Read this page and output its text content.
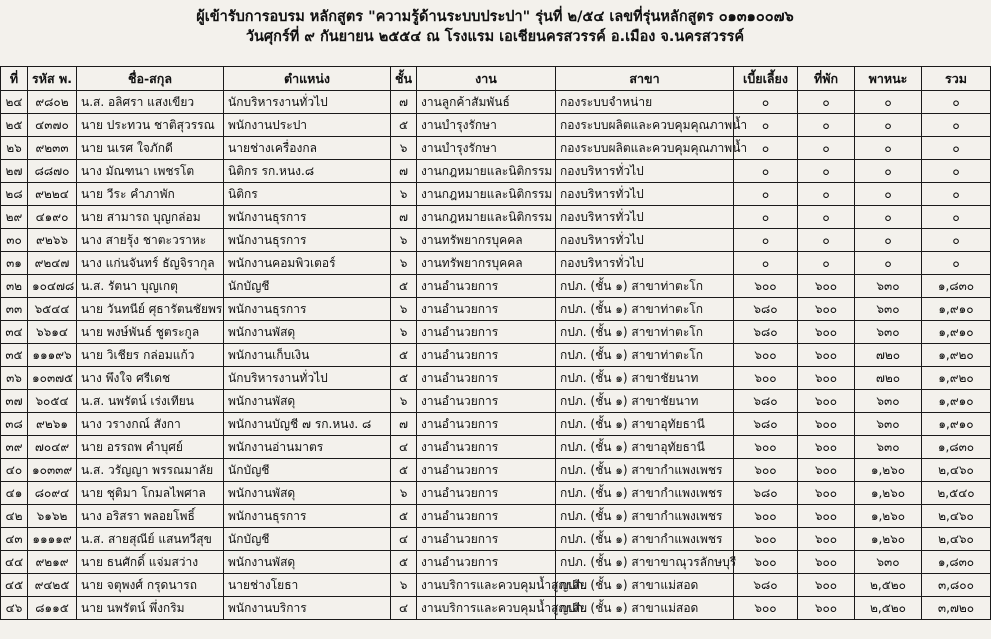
ผู้เข้ารับการอบรม หลักสูตร "ความรู้ด้านระบบประปา" รุ่นที่ ๒/๕๔ เลขที่รุ่นหลักสูตร ๐๑๓๑๐๐๗๖
วันศุกร์ที่ ๙ กันยายน ๒๕๕๔ ณ โรงแรม เอเชียนครสวรรค์ อ.เมือง จ.นครสวรรค์
ที่	รหัส พ.	ชื่อ-สกุล	ตำแหน่ง	ชั้น	งาน	สาขา	เบี้ยเลี้ยง	ที่พัก	พาหนะ	รวม
๒๔	๙๘๐๒	น.ส. อลิศรา แสงเขียว	นักบริหารงานทั่วไป	๗	งานลูกค้าสัมพันธ์	กองระบบจำหน่าย	๐	๐	๐	๐
๒๕	๔๓๗๐	นาย ประทวน ชาติสุวรรณ	พนักงานประปา	๕	งานบำรุงรักษา	กองระบบผลิตและควบคุมคุณภาพน้ำ	๐	๐	๐	๐
๒๖	๙๒๓๓	นาย นเรศ ใจภักดี	นายช่างเครื่องกล	๖	งานบำรุงรักษา	กองระบบผลิตและควบคุมคุณภาพน้ำ	๐	๐	๐	๐
๒๗	๘๘๗๐	นาง มัณฑนา เพชรโต	นิติกร รก.หนง.๘	๗	งานกฎหมายและนิติกรรม	กองบริหารทั่วไป	๐	๐	๐	๐
๒๘	๙๒๒๔	นาย วีระ คำภาพัก	นิติกร	๖	งานกฎหมายและนิติกรรม	กองบริหารทั่วไป	๐	๐	๐	๐
๒๙	๔๑๙๐	นาย สามารถ บุญกล่อม	พนักงานธุรการ	๗	งานกฎหมายและนิติกรรม	กองบริหารทั่วไป	๐	๐	๐	๐
๓๐	๙๒๖๖	นาง สายรุ้ง ชาตะวราหะ	พนักงานธุรการ	๖	งานทรัพยากรบุคคล	กองบริหารทั่วไป	๐	๐	๐	๐
๓๑	๙๒๔๗	นาง แก่นจันทร์ ธัญจิรากุล	พนักงานคอมพิวเตอร์	๖	งานทรัพยากรบุคคล	กองบริหารทั่วไป	๐	๐	๐	๐
๓๒	๑๐๔๗๘	น.ส. รัตนา บุญเกตุ	นักบัญชี	๕	งานอำนวยการ	กปภ. (ชั้น ๑) สาขาท่าตะโก	๖๐๐	๖๐๐	๖๓๐	๑,๘๓๐
๓๓	๖๕๔๔	นาย วันทนีย์ ศุธารัตนชัยพร	พนักงานธุรการ	๖	งานอำนวยการ	กปภ. (ชั้น ๑) สาขาท่าตะโก	๖๘๐	๖๐๐	๖๓๐	๑,๙๑๐
๓๔	๖๖๑๔	นาย พงษ์พันธ์ ชูตระกูล	พนักงานพัสดุ	๖	งานอำนวยการ	กปภ. (ชั้น ๑) สาขาท่าตะโก	๖๘๐	๖๐๐	๖๓๐	๑,๙๑๐
๓๕	๑๑๑๙๖	นาย วิเชียร กล่อมแก้ว	พนักงานเก็บเงิน	๕	งานอำนวยการ	กปภ. (ชั้น ๑) สาขาท่าตะโก	๖๐๐	๖๐๐	๗๒๐	๑,๙๒๐
๓๖	๑๐๓๗๕	นาง พึงใจ ศรีเดช	นักบริหารงานทั่วไป	๕	งานอำนวยการ	กปภ. (ชั้น ๑) สาขาชัยนาท	๖๐๐	๖๐๐	๗๒๐	๑,๙๒๐
๓๗	๖๐๕๔	น.ส. นพรัตน์ เร่งเทียน	พนักงานพัสดุ	๖	งานอำนวยการ	กปภ. (ชั้น ๑) สาขาชัยนาท	๖๘๐	๖๐๐	๖๓๐	๑,๙๑๐
๓๘	๙๒๖๑	นาง วรางกณ์ สังกา	พนักงานบัญชี ๗ รก.หนง. ๘	๗	งานอำนวยการ	กปภ. (ชั้น ๑) สาขาอุทัยธานี	๖๘๐	๖๐๐	๖๓๐	๑,๙๑๐
๓๙	๗๐๔๙	นาย อรรถพ คำบุศย์	พนักงานอ่านมาตร	๔	งานอำนวยการ	กปภ. (ชั้น ๑) สาขาอุทัยธานี	๖๐๐	๖๐๐	๖๓๐	๑,๘๓๐
๔๐	๑๐๓๓๙	น.ส. วรัญญา พรรณมาลัย	นักบัญชี	๕	งานอำนวยการ	กปภ. (ชั้น ๑) สาขากำแพงเพชร	๖๐๐	๖๐๐	๑,๒๖๐	๒,๔๖๐
๔๑	๘๐๙๔	นาย ชุติมา โกมลไพศาล	พนักงานพัสดุ	๖	งานอำนวยการ	กปภ. (ชั้น ๑) สาขากำแพงเพชร	๖๘๐	๖๐๐	๑,๒๖๐	๒,๕๔๐
๔๒	๖๑๖๒	นาง อริสรา พลอยโพธิ์	พนักงานธุรการ	๕	งานอำนวยการ	กปภ. (ชั้น ๑) สาขากำแพงเพชร	๖๐๐	๖๐๐	๑,๒๖๐	๒,๔๖๐
๔๓	๑๑๑๑๙	น.ส. สายสุณีย์ แสนทวีสุข	นักบัญชี	๔	งานอำนวยการ	กปภ. (ชั้น ๑) สาขากำแพงเพชร	๖๐๐	๖๐๐	๑,๒๖๐	๒,๔๖๐
๔๔	๙๒๑๙	นาย ธนศักดิ์ แจ่มสว่าง	พนักงานพัสดุ	๕	งานอำนวยการ	กปภ. (ชั้น ๑) สาขาขาณุวรลักษบุรี	๖๐๐	๖๐๐	๖๓๐	๑,๘๓๐
๔๕	๙๔๒๕	นาย จตุพงศ์ กรุดนารถ	นายช่างโยธา	๖	งานบริการและควบคุมน้ำสูญเสีย	กปภ. (ชั้น ๑) สาขาแม่สอด	๖๘๐	๖๐๐	๒,๕๒๐	๓,๘๐๐
๔๖	๘๑๑๕	นาย นพรัตน์ พึ่งกริม	พนักงานบริการ	๔	งานบริการและควบคุมน้ำสูญเสีย	กปภ. (ชั้น ๑) สาขาแม่สอด	๖๐๐	๖๐๐	๒,๕๒๐	๓,๗๒๐
